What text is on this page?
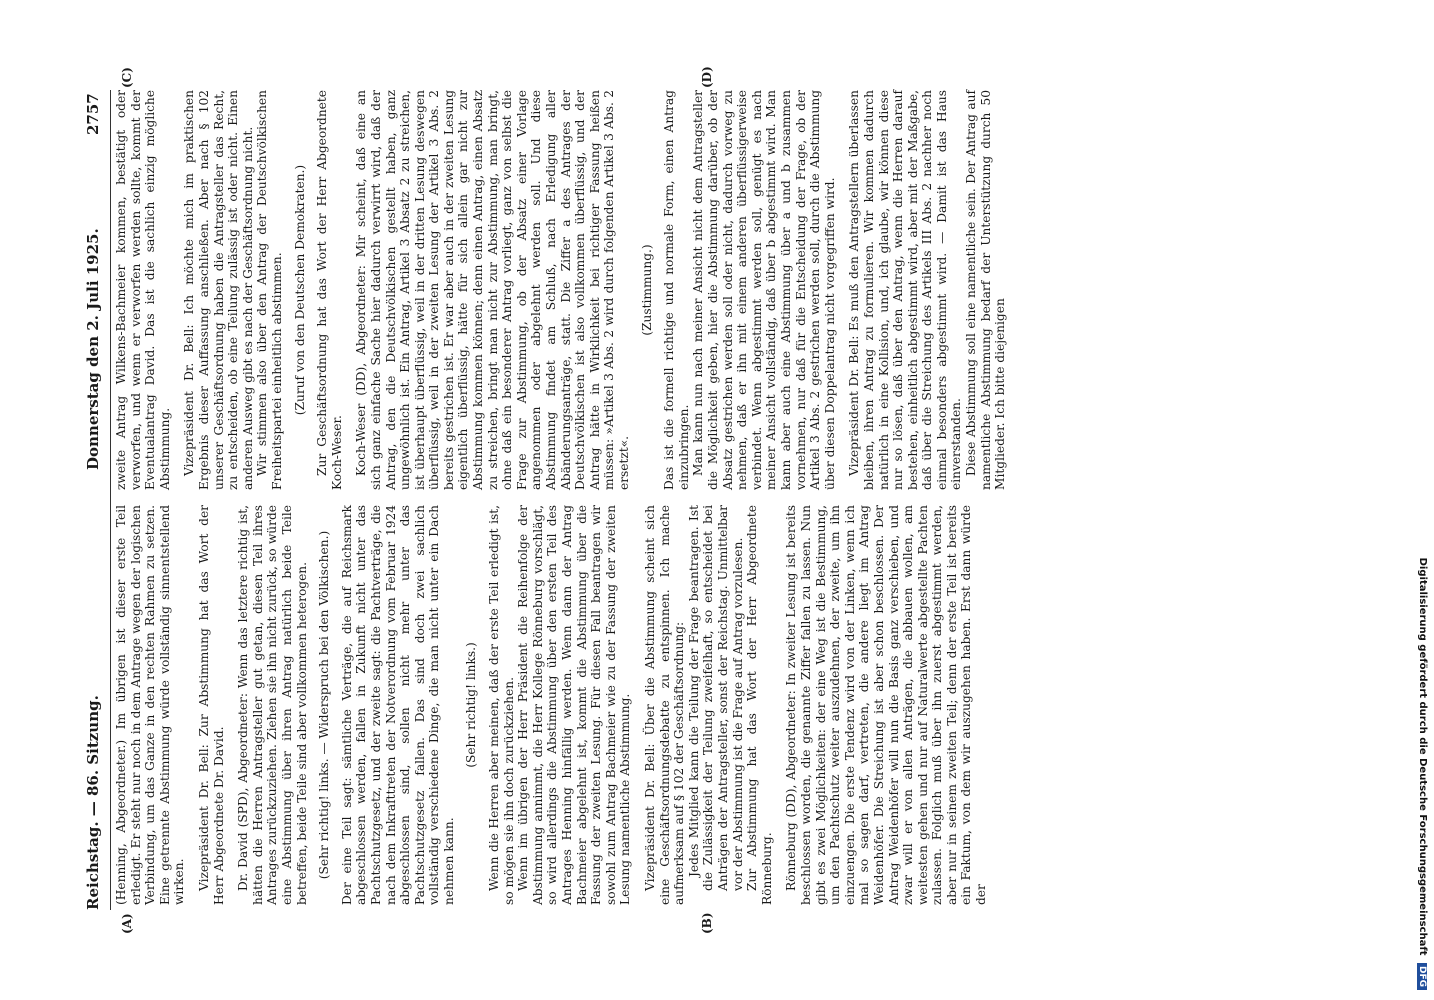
Reichstag. — 86. Sitzung.
Donnerstag den 2. Juli 1925.
2757
(A)	(B)
(C)	(D)

(Henning, Abgeordneter.) Im übrigen ist dieser erste Teil erledigt. Er steht nur noch in dem Antrage wegen der logischen Verbindung, um das Ganze in den rechten Rahmen zu setzen. Eine getrennte Abstimmung würde vollständig sinnentstellend wirken. Vizepräsident Dr. Bell: Zur Abstimmung hat das Wort der Herr Abgeordnete Dr. David. Dr. David (SPD), Abgeordneter: Wenn das letztere richtig ist, hätten die Herren Antragsteller gut getan, diesen Teil ihres Antrages zurückzuziehen. Ziehen sie ihn nicht zurück, so würde eine Abstimmung über ihren Antrag natürlich beide Teile betreffen, beide Teile sind aber vollkommen heterogen. (Sehr richtig! links. — Widerspruch bei den Völkischen.) Der eine Teil sagt: sämtliche Verträge, die auf Reichsmark abgeschlossen werden, fallen in Zukunft nicht unter das Pachtschutzgesetz, und der zweite sagt: die Pachtverträge, die nach dem Inkrafttreten der Notverordnung vom Februar 1924 abgeschlossen sind, sollen nicht mehr unter das Pachtschutzgesetz fallen. Das sind doch zwei sachlich vollständig verschiedene Dinge, die man nicht unter ein Dach nehmen kann.

(Sehr richtig! links.) Wenn die Herren aber meinen, daß der erste Teil erledigt ist, so mögen sie ihn doch zurückziehen. Wenn im übrigen der Herr Präsident die Reihenfolge der Abstimmung annimmt, die Herr Kollege Rönneburg vorschlägt, so wird allerdings die Abstimmung über den ersten Teil des Antrages Henning hinfällig werden. Wenn dann der Antrag Bachmeier abgelehnt ist, kommt die Abstimmung über die Fassung der zweiten Lesung. Für diesen Fall beantragen wir sowohl zum Antrag Bachmeier wie zu der Fassung der zweiten Lesung namentliche Abstimmung. Vizepräsident Dr. Bell: Über die Abstimmung scheint sich eine Geschäftsordnungsdebatte zu entspinnen. Ich mache aufmerksam auf § 102 der Geschäftsordnung: Jedes Mitglied kann die Teilung der Frage beantragen. Ist die Zulässigkeit der Teilung zweifelhaft, so entscheidet bei Anträgen der Antragsteller, sonst der Reichstag. Unmittelbar vor der Abstimmung ist die Frage auf Antrag vorzulesen. Zur Abstimmung hat das Wort der Herr Abgeordnete Rönneburg. Rönneburg (DD), Abgeordneter: In zweiter Lesung ist bereits beschlossen worden, die genannte Ziffer fallen zu lassen. Nun gibt es zwei Möglichkeiten: der eine Weg ist die Bestimmung, um den Pachtschutz weiter auszudehnen, der zweite, um ihn einzuengen. Die erste Tendenz wird von der Linken, wenn ich mal so sagen darf, vertreten, die andere liegt im Antrag Weidenhöfer. Die Streichung ist aber schon beschlossen. Der Antrag Weidenhöfer will nun die Basis ganz verschieben, und zwar will er von allen Anträgen, die abbauen wollen, am weitesten gehen und nur auf Naturalwerte abgestellte Pachten zulassen. Folglich muß über ihn zuerst abgestimmt werden, aber nur in seinem zweiten Teil; denn der erste Teil ist bereits ein Faktum, von dem wir auszugehen haben. Erst dann würde der

zweite Antrag Wilkens-Bachmeier kommen, bestätigt oder verworfen, und wenn er verworfen werden sollte, kommt der Eventualantrag David. Das ist die sachlich einzig mögliche Abstimmung. Vizepräsident Dr. Bell: Ich möchte mich im praktischen Ergebnis dieser Auffassung anschließen. Aber nach § 102 unserer Geschäftsordnung haben die Antragsteller das Recht, zu entscheiden, ob eine Teilung zulässig ist oder nicht. Einen anderen Ausweg gibt es nach der Geschäftsordnung nicht. Wir stimmen also über den Antrag der Deutschvölkischen Freiheitspartei einheitlich abstimmen. (Zuruf von den Deutschen Demokraten.) Zur Geschäftsordnung hat das Wort der Herr Abgeordnete Koch-Weser. Koch-Weser (DD), Abgeordneter: Mir scheint, daß eine an sich ganz einfache Sache hier dadurch verwirrt wird, daß der Antrag, den die Deutschvölkischen gestellt haben, ganz ungewöhnlich ist. Ein Antrag, Artikel 3 Absatz 2 zu streichen, ist überhaupt überflüssig, weil in der dritten Lesung deswegen überflüssig, weil in der zweiten Lesung der Artikel 3 Abs. 2 bereits gestrichen ist. Er war aber auch in der zweiten Lesung eigentlich überflüssig, hätte für sich allein gar nicht zur Abstimmung kommen können; denn einen Antrag, einen Absatz zu streichen, bringt man nicht zur Abstimmung, man bringt, ohne daß ein besonderer Antrag vorliegt, ganz von selbst die Frage zur Abstimmung, ob der Absatz einer Vorlage angenommen oder abgelehnt werden soll. Und diese Abstimmung findet am Schluß, nach Erledigung aller Abänderungsanträge, statt. Die Ziffer a des Antrages der Deutschvölkischen ist also vollkommen überflüssig, und der Antrag hätte in Wirklichkeit bei richtiger Fassung heißen müssen: »Artikel 3 Abs. 2 wird durch folgenden Artikel 3 Abs. 2 ersetzt«.

(Zustimmung.) Das ist die formell richtige und normale Form, einen Antrag einzubringen. Man kann nun nach meiner Ansicht nicht dem Antragsteller die Möglichkeit geben, hier die Abstimmung darüber, ob der Absatz gestrichen werden soll oder nicht, dadurch vorweg zu nehmen, daß er ihn mit einem anderen überflüssigerweise verbindet. Wenn abgestimmt werden soll, genügt es nach meiner Ansicht vollständig, daß über b abgestimmt wird. Man kann aber auch eine Abstimmung über a und b zusammen vornehmen, nur daß für die Entscheidung der Frage, ob der Artikel 3 Abs. 2 gestrichen werden soll, durch die Abstimmung über diesen Doppelantrag nicht vorgegriffen wird. Vizepräsident Dr. Bell: Es muß den Antragstellern überlassen bleiben, ihren Antrag zu formulieren. Wir kommen dadurch natürlich in eine Kollision, und, ich glaube, wir können diese nur so lösen, daß über den Antrag, wenn die Herren darauf bestehen, einheitlich abgestimmt wird, aber mit der Maßgabe, daß über die Streichung des Artikels III Abs. 2 nachher noch einmal besonders abgestimmt wird. — Damit ist das Haus einverstanden. Diese Abstimmung soll eine namentliche sein. Der Antrag auf namentliche Abstimmung bedarf der Unterstützung durch 50 Mitglieder. Ich bitte diejenigen

Digitalisierung gefördert durch die Deutsche Forschungsgemeinschaft DFG
